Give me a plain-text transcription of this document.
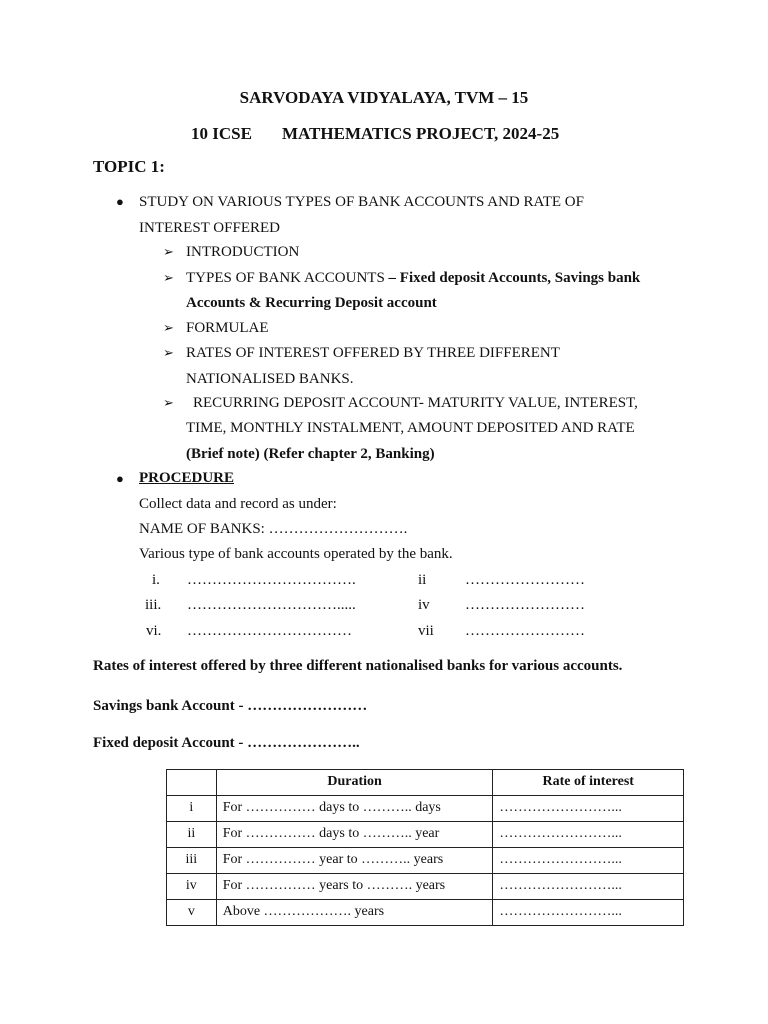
SARVODAYA VIDYALAYA, TVM – 15
10 ICSE MATHEMATICS PROJECT, 2024-25
TOPIC 1:
● STUDY ON VARIOUS TYPES OF BANK ACCOUNTS AND RATE OF
INTEREST OFFERED
➢ INTRODUCTION
➢ TYPES OF BANK ACCOUNTS – Fixed deposit Accounts, Savings bank
Accounts & Recurring Deposit account
➢ FORMULAE
➢ RATES OF INTEREST OFFERED BY THREE DIFFERENT
NATIONALISED BANKS.
➢ RECURRING DEPOSIT ACCOUNT- MATURITY VALUE, INTEREST,
TIME, MONTHLY INSTALMENT, AMOUNT DEPOSITED AND RATE
(Brief note) (Refer chapter 2, Banking)
● PROCEDURE
Collect data and record as under:
NAME OF BANKS: ……………………….
Various type of bank accounts operated by the bank.
i. …………………………….	ii	……………………
iii. ………………………….....	iv ……………………
vi. ……………………………	vii ……………………
Rates of interest offered by three different nationalised banks for various accounts.
Savings bank Account - ……………………
Fixed deposit Account - …………………..
	Duration	Rate of interest
i	For …………… days to ……….. days	……………………...
ii	For …………… days to ……….. year	……………………...
iii	For …………… year to ……….. years	……………………...
iv	For …………… years to ………. years	……………………...
v	Above ………………. years	……………………...
